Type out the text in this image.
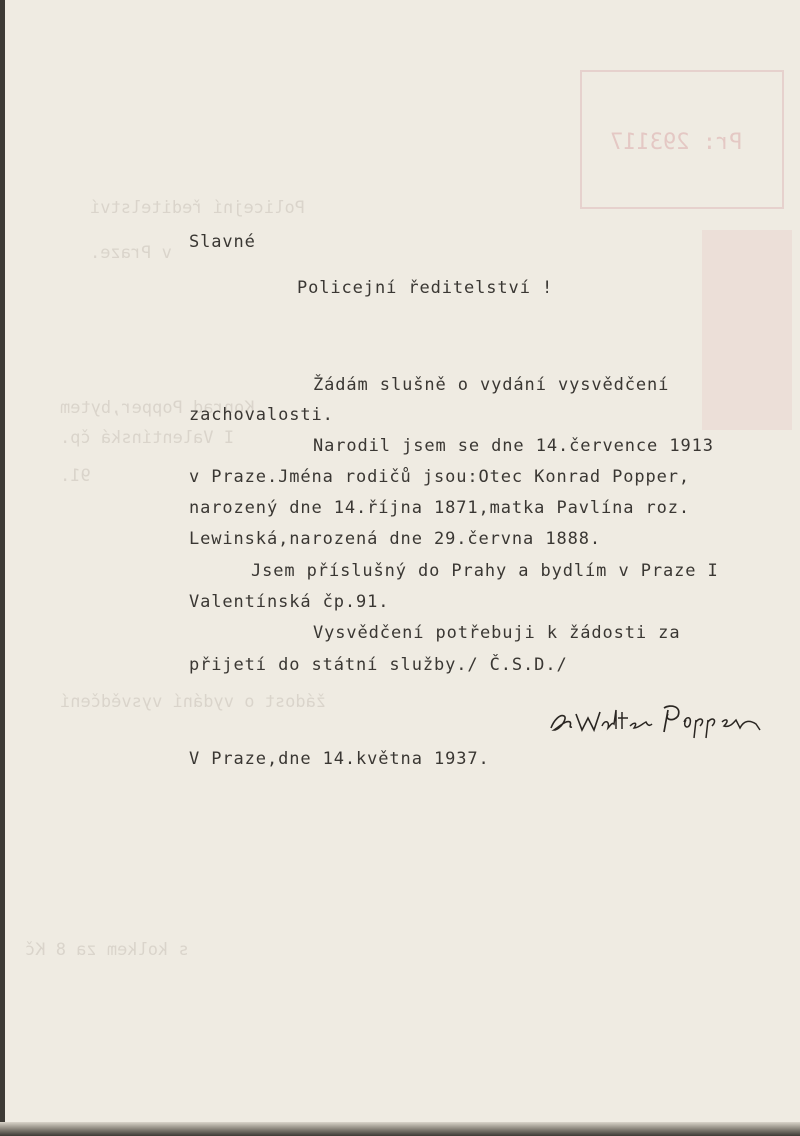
Policejní ředitelství
v Praze.
Konrad Popper,bytem
I Valentínská čp.
91.
žádost o vydání vysvědčení
s kolkem za 8 Kč
Pr: 293117
Slavné
Policejní ředitelství !
Žádám slušně o vydání vysvědčení
zachovalosti.
Narodil jsem se dne 14.července 1913
v Praze.Jména rodičů jsou:Otec Konrad Popper,
narozený dne 14.října 1871,matka Pavlína roz.
Lewinská,narozená dne 29.června 1888.
Jsem příslušný do Prahy a bydlím v Praze I
Valentínská čp.91.
Vysvědčení potřebuji k žádosti za
přijetí do státní služby./ Č.S.D./
V Praze,dne 14.května 1937.
